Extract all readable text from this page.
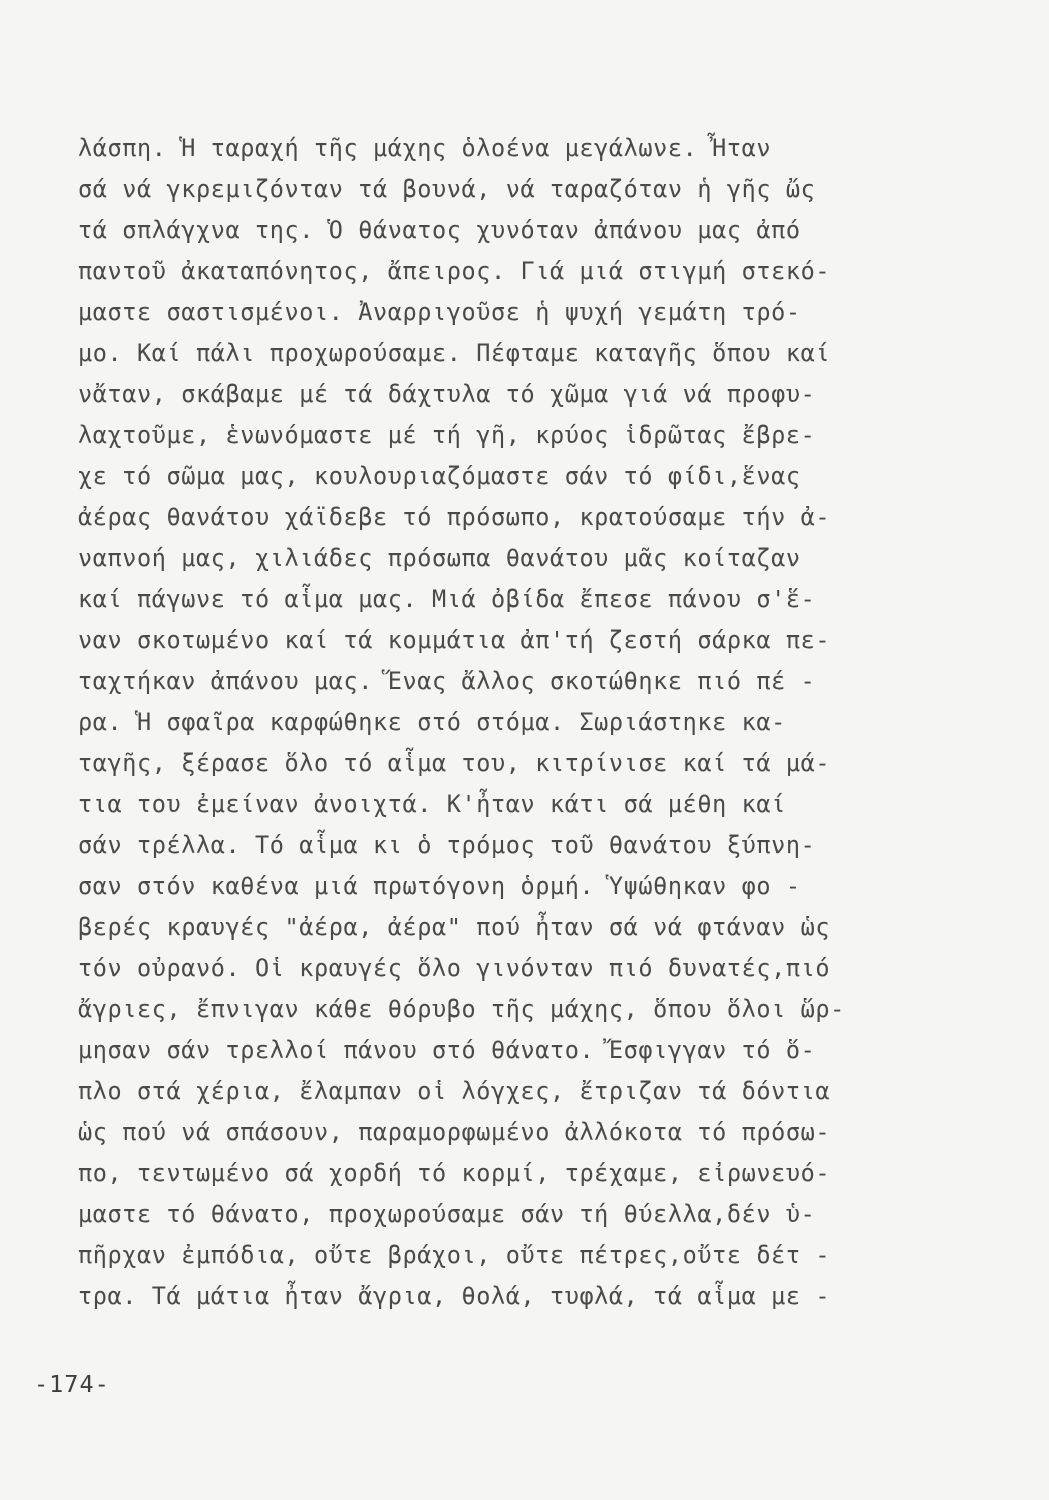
λάσπη. Ἡ ταραχή τῆς μάχης ὁλοένα μεγάλωνε. Ἦταν
σά νά γκρεμιζόνταν τά βουνά, νά ταραζόταν ἡ γῆς ὤς
τά σπλάγχνα της. Ὁ θάνατος χυνόταν ἀπάνου μας ἀπό
παντοῦ ἀκαταπόνητος, ἄπειρος. Γιά μιά στιγμή στεκό-
μαστε σαστισμένοι. Ἀναρριγοῦσε ἡ ψυχή γεμάτη τρό-
μο. Καί πάλι προχωρούσαμε. Πέφταμε καταγῆς ὅπου καί
νἄταν, σκάβαμε μέ τά δάχτυλα τό χῶμα γιά νά προφυ-
λαχτοῦμε, ἑνωνόμαστε μέ τή γῆ, κρύος ἱδρῶτας ἔβρε-
χε τό σῶμα μας, κουλουριαζόμαστε σάν τό φίδι,ἕνας
ἀέρας θανάτου χάϊδεβε τό πρόσωπο, κρατούσαμε τήν ἀ-
ναπνοή μας, χιλιάδες πρόσωπα θανάτου μᾶς κοίταζαν
καί πάγωνε τό αἷμα μας. Μιά ὀβίδα ἔπεσε πάνου σ'ἕ-
ναν σκοτωμένο καί τά κομμάτια ἀπ'τή ζεστή σάρκα πε-
ταχτήκαν ἀπάνου μας. Ἕνας ἄλλος σκοτώθηκε πιό πέ -
ρα. Ἡ σφαῖρα καρφώθηκε στό στόμα. Σωριάστηκε κα-
ταγῆς, ξέρασε ὅλο τό αἷμα του, κιτρίνισε καί τά μά-
τια του ἐμείναν ἀνοιχτά. Κ'ἦταν κάτι σά μέθη καί
σάν τρέλλα. Τό αἷμα κι ὁ τρόμος τοῦ θανάτου ξύπνη-
σαν στόν καθένα μιά πρωτόγονη ὁρμή. Ὑψώθηκαν φο -
βερές κραυγές "ἀέρα, ἀέρα" πού ἦταν σά νά φτάναν ὡς
τόν οὐρανό. Οἱ κραυγές ὅλο γινόνταν πιό δυνατές,πιό
ἄγριες, ἔπνιγαν κάθε θόρυβο τῆς μάχης, ὅπου ὅλοι ὥρ-
μησαν σάν τρελλοί πάνου στό θάνατο. Ἔσφιγγαν τό ὅ-
πλο στά χέρια, ἔλαμπαν οἱ λόγχες, ἔτριζαν τά δόντια
ὡς πού νά σπάσουν, παραμορφωμένο ἀλλόκοτα τό πρόσω-
πο, τεντωμένο σά χορδή τό κορμί, τρέχαμε, εἰρωνευό-
μαστε τό θάνατο, προχωρούσαμε σάν τή θύελλα,δέν ὑ-
πῆρχαν ἐμπόδια, οὔτε βράχοι, οὔτε πέτρες,οὔτε δέτ -
τρα. Τά μάτια ἦταν ἄγρια, θολά, τυφλά, τά αἷμα με -
-174-
